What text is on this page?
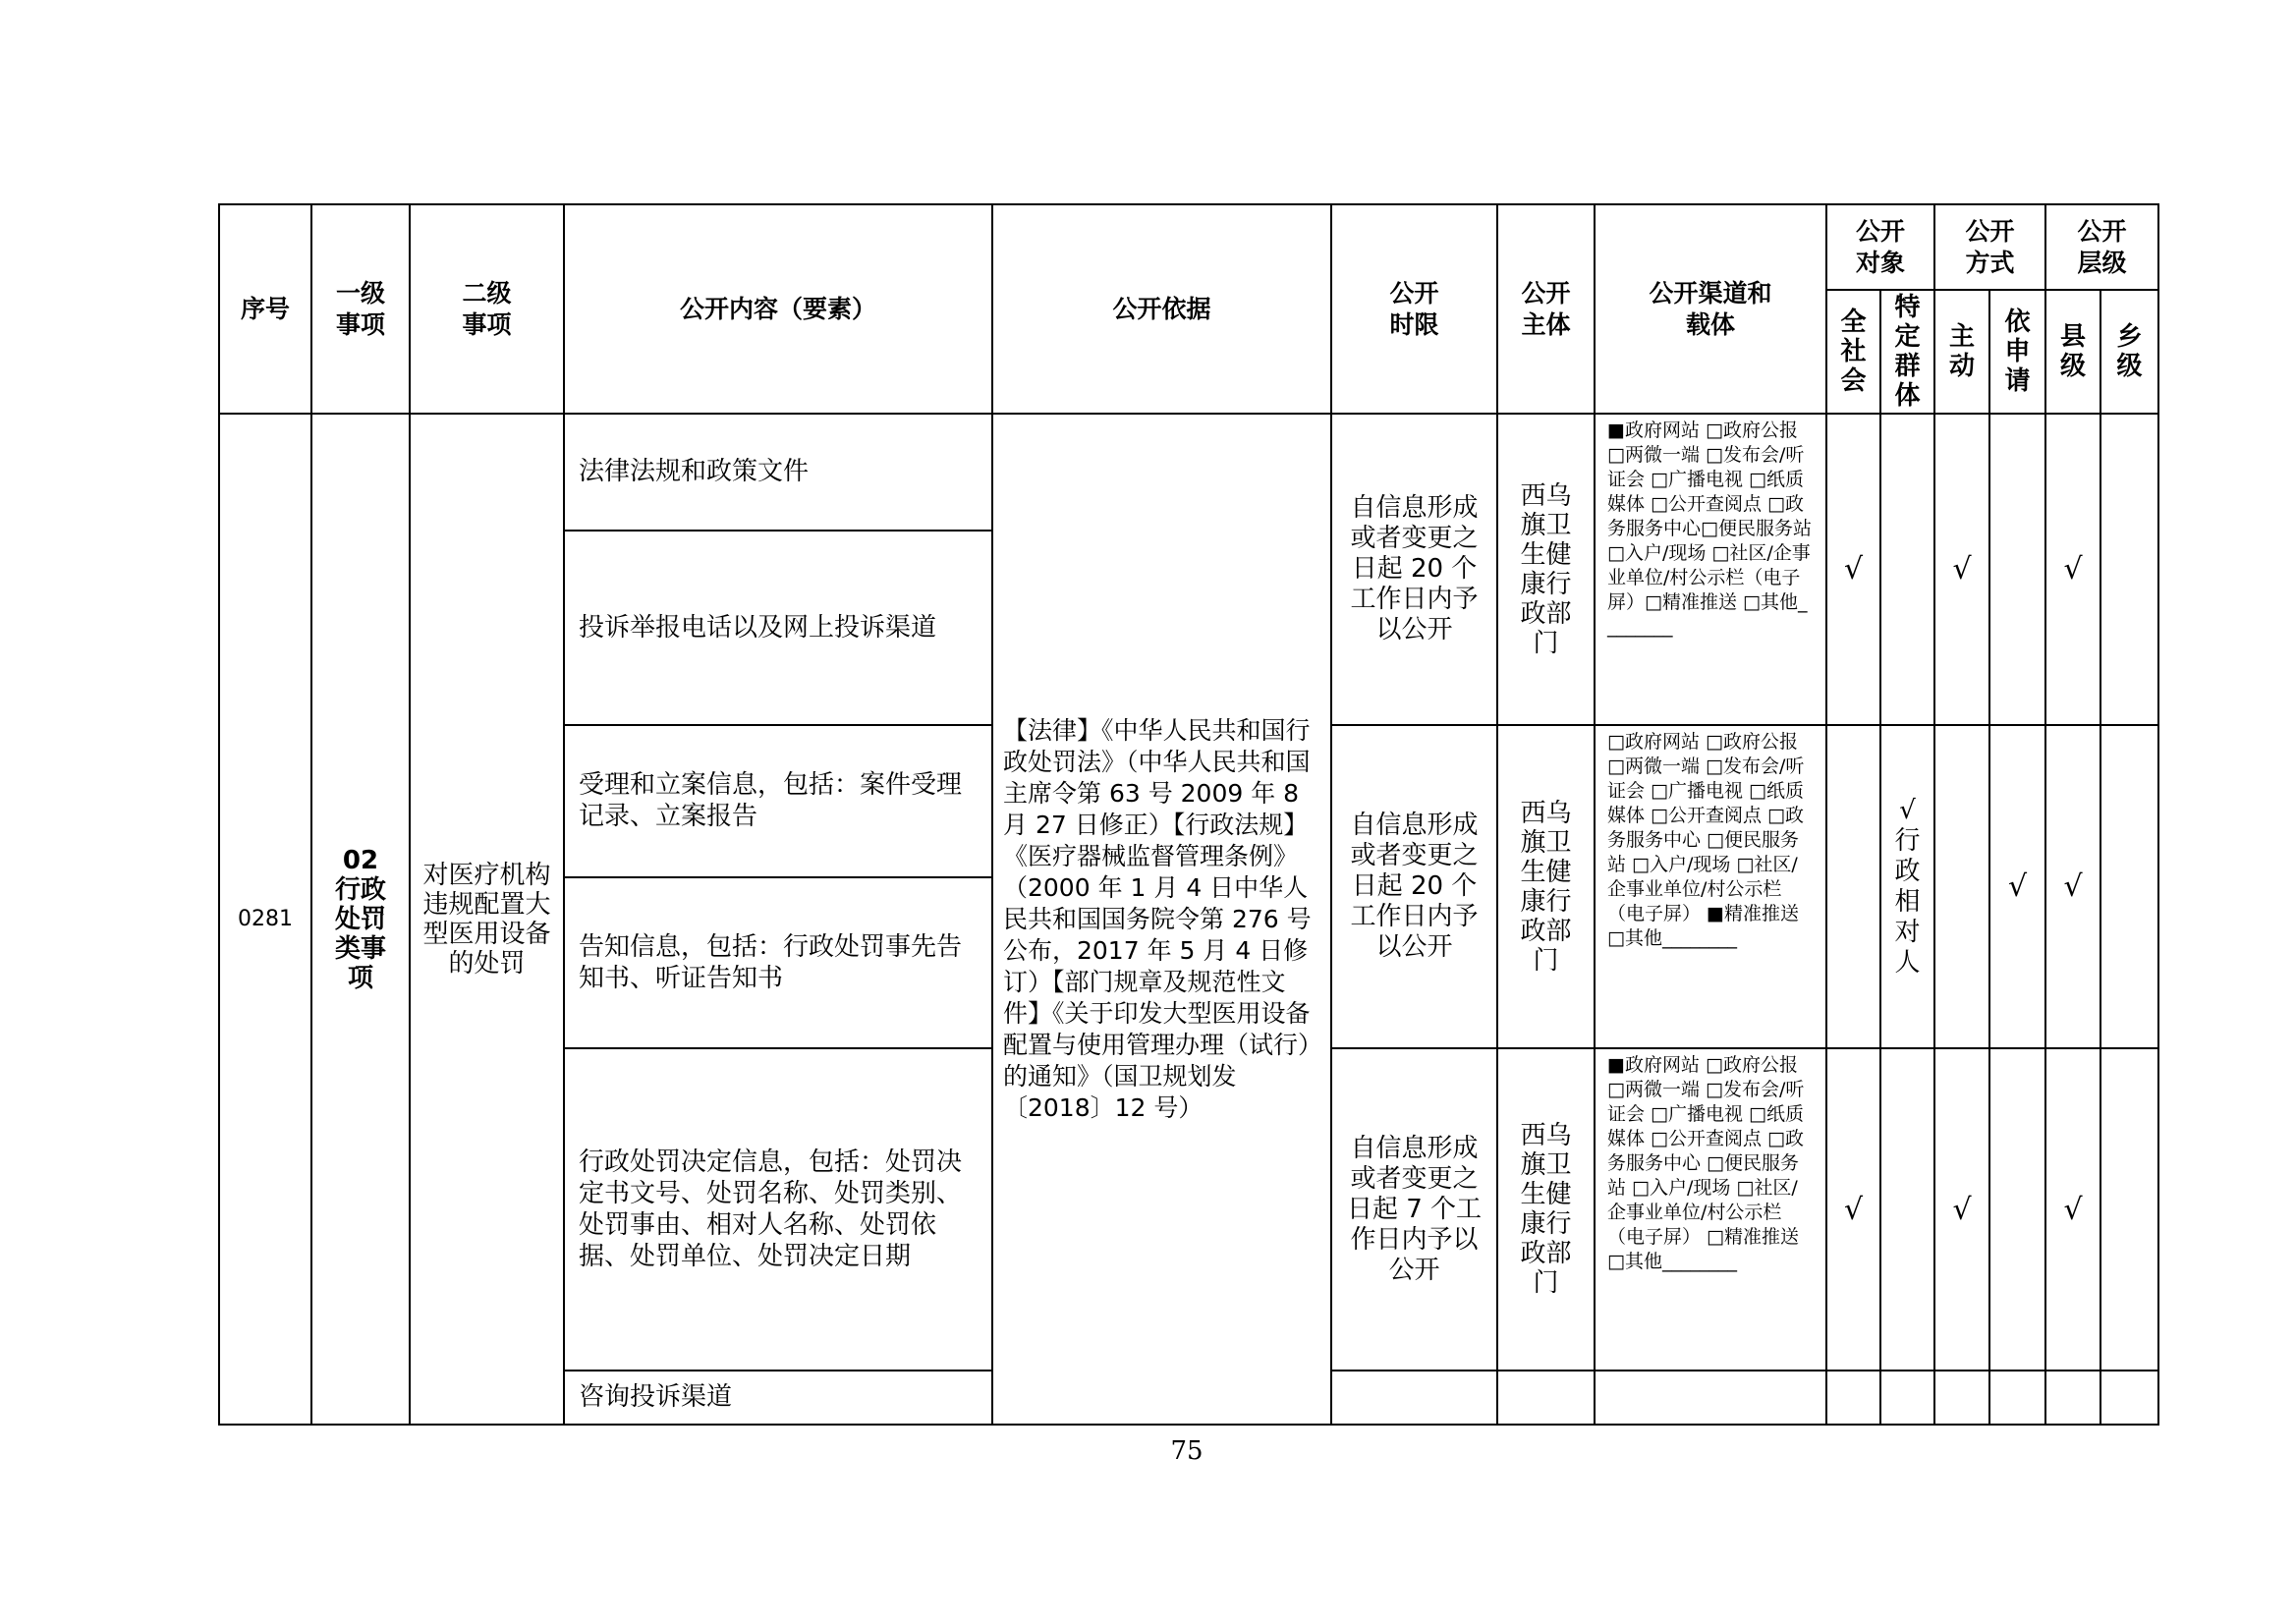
序号	一级事项	二级事项	公开内容（要素）	公开依据	公开时限	公开主体	公开渠道和载体	公开对象		公开方式		公开层级	
								全社会	特定群体	主动	依申请	县级	乡级
0281	02 行政处罚类事项	对医疗机构违规配置大型医用设备的处罚	法律法规和政策文件	【法律】《中华人民共和国行政处罚法》（中华人民共和国主席令第 63 号 2009 年 8 月 27 日修正）【行政法规】《医疗器械监督管理条例》（2000 年 1 月 4 日中华人民共和国国务院令第 276 号公布，2017 年 5 月 4 日修订）【部门规章及规范性文件】《关于印发大型医用设备配置与使用管理办理（试行）的通知》（国卫规划发〔2018〕12 号）	自信息形成或者变更之日起 20 个工作日内予以公开	西乌旗卫生健康行政部门	■政府网站 □政府公报 □两微一端 □发布会/听证会 □广播电视 □纸质媒体 □公开查阅点 □政务服务中心□便民服务站 □入户/现场 □社区/企事业单位/村公示栏（电子屏）□精准推送 □其他________	√		√		√	
			投诉举报电话以及网上投诉渠道										
			受理和立案信息，包括：案件受理记录、立案报告		自信息形成或者变更之日起 20 个工作日内予以公开	西乌旗卫生健康行政部门	□政府网站 □政府公报 □两微一端 □发布会/听证会 □广播电视 □纸质媒体 □公开查阅点 □政务服务中心 □便民服务站 □入户/现场 □社区/企事业单位/村公示栏（电子屏） ■精准推送 □其他________		√行政相对人		√	√	
			告知信息，包括：行政处罚事先告知书、听证告知书										
			行政处罚决定信息，包括：处罚决定书文号、处罚名称、处罚类别、处罚事由、相对人名称、处罚依据、处罚单位、处罚决定日期		自信息形成或者变更之日起 7 个工作日内予以公开	西乌旗卫生健康行政部门	■政府网站 □政府公报 □两微一端 □发布会/听证会 □广播电视 □纸质媒体 □公开查阅点 □政务服务中心 □便民服务站 □入户/现场 □社区/企事业单位/村公示栏（电子屏） □精准推送 □其他________	√		√		√	
			咨询投诉渠道										
75
